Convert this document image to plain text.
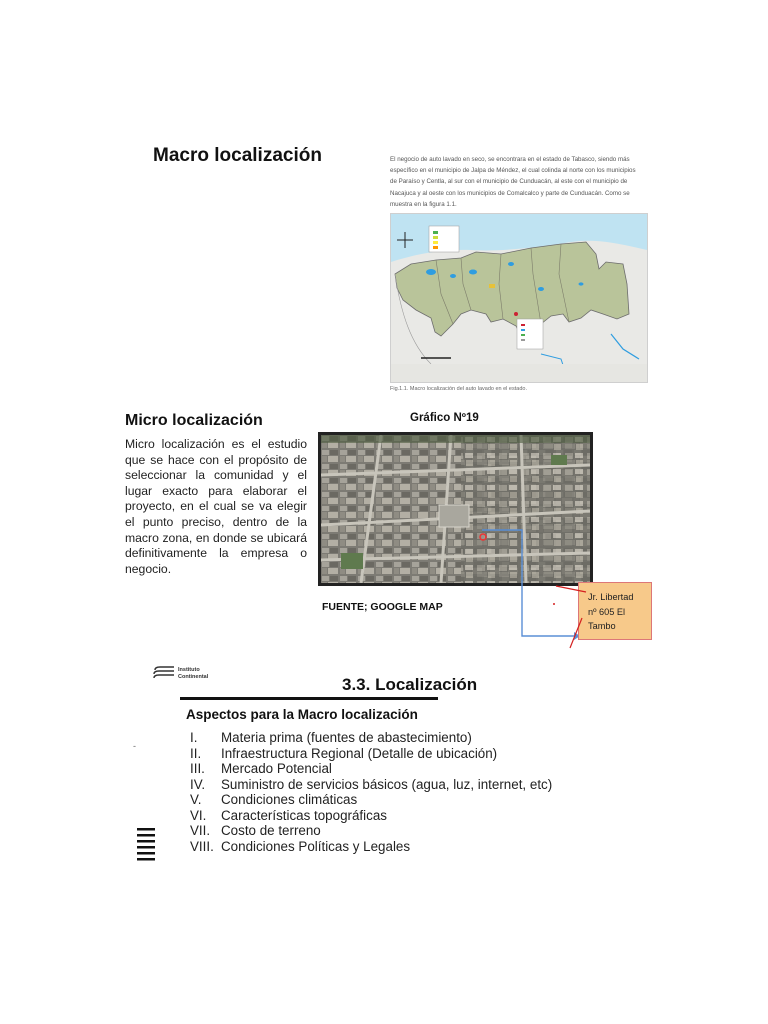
Macro localización	El negocio de auto lavado en seco, se encontrara en el estado de Tabasco, siendo más
específico en el municipio de Jalpa de Méndez, el cual colinda al norte con los municipios
de Paraíso y Centla, al sur con el municipio de Cunduacán, al este con el municipio de
Nacajuca y al oeste con los municipios de Comalcalco y parte de Cunduacán. Como se
muestra en la figura 1.1.

Fig.1.1. Macro localización del auto lavado en el estado.

Micro localización

Micro localización es el estudio que se hace con el propósito de seleccionar la comunidad y el lugar exacto para elaborar el proyecto, en el cual se va elegir el punto preciso, dentro de la macro zona, en donde se ubicará definitivamente la empresa o negocio.

Gráfico Nº19

Jr. Libertad
nº 605 El
Tambo

FUENTE; GOOGLE MAP

Instituto
Continental	3.3. Localización
Aspectos para la Macro localización
-
I. Materia prima (fuentes de abastecimiento)
II. Infraestructura Regional (Detalle de ubicación)
III. Mercado Potencial
IV. Suministro de servicios básicos (agua, luz, internet, etc)
V. Condiciones climáticas
VI. Características topográficas
VII. Costo de terreno
VIII. Condiciones Políticas y Legales
